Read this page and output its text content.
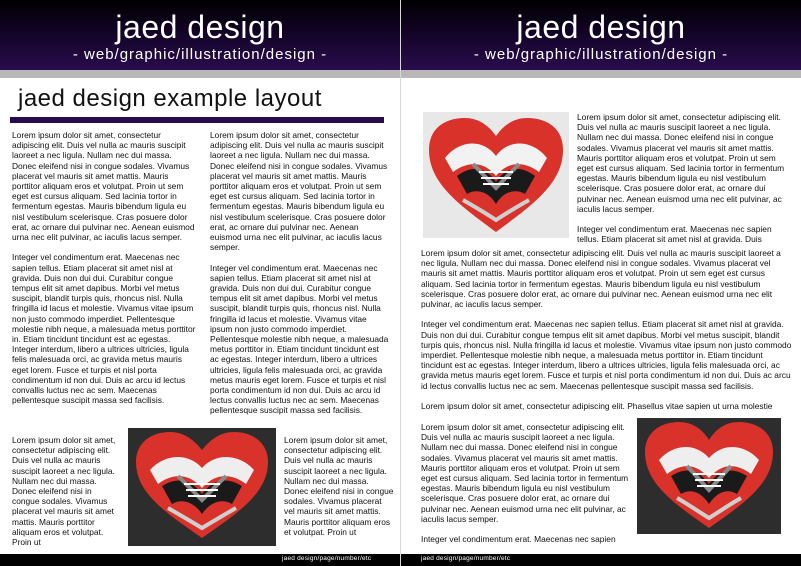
jaed design
- web/graphic/illustration/design -
jaed design example layout

Lorem ipsum dolor sit amet, consectetur adipiscing elit. Duis vel nulla ac mauris suscipit laoreet a nec ligula. Nullam nec dui massa. Donec eleifend nisi in congue sodales. Vivamus placerat vel mauris sit amet mattis. Mauris porttitor aliquam eros et volutpat. Proin ut sem eget est cursus aliquam. Sed lacinia tortor in fermentum egestas. Mauris bibendum ligula eu nisl vestibulum scelerisque. Cras posuere dolor erat, ac ornare dui pulvinar nec. Aenean euismod urna nec elit pulvinar, ac iaculis lacus semper.

Integer vel condimentum erat. Maecenas nec sapien tellus. Etiam placerat sit amet nisl at gravida. Duis non dui dui. Curabitur congue tempus elit sit amet dapibus. Morbi vel metus suscipit, blandit turpis quis, rhoncus nisl. Nulla fringilla id lacus et molestie. Vivamus vitae ipsum non justo commodo imperdiet. Pellentesque molestie nibh neque, a malesuada metus porttitor in. Etiam tincidunt tincidunt est ac egestas. Integer interdum, libero a ultrices ultricies, ligula felis malesuada orci, ac gravida metus mauris eget lorem. Fusce et turpis et nisl porta condimentum id non dui. Duis ac arcu id lectus convallis luctus nec ac sem. Maecenas pellentesque suscipit massa sed facilisis.

Lorem ipsum dolor sit amet, consectetur adipiscing elit. Duis vel nulla ac mauris suscipit laoreet a nec ligula. Nullam nec dui massa. Donec eleifend nisi in congue sodales. Vivamus placerat vel mauris sit amet mattis. Mauris porttitor aliquam eros et volutpat. Proin ut sem eget est cursus aliquam. Sed lacinia tortor in fermentum egestas. Mauris bibendum ligula eu nisl vestibulum scelerisque. Cras posuere dolor erat, ac ornare dui pulvinar nec. Aenean euismod urna nec elit pulvinar, ac iaculis lacus semper.

Integer vel condimentum erat. Maecenas nec sapien tellus. Etiam placerat sit amet nisl at gravida. Duis non dui dui. Curabitur congue tempus elit sit amet dapibus. Morbi vel metus suscipit, blandit turpis quis, rhoncus nisl. Nulla fringilla id lacus et molestie. Vivamus vitae ipsum non justo commodo imperdiet. Pellentesque molestie nibh neque, a malesuada metus porttitor in. Etiam tincidunt tincidunt est ac egestas. Integer interdum, libero a ultrices ultricies, ligula felis malesuada orci, ac gravida metus mauris eget lorem. Fusce et turpis et nisl porta condimentum id non dui. Duis ac arcu id lectus convallis luctus nec ac sem. Maecenas pellentesque suscipit massa sed facilisis.

Lorem ipsum dolor sit amet, consectetur adipiscing elit. Duis vel nulla ac mauris suscipit laoreet a nec ligula. Nullam nec dui massa. Donec eleifend nisi in congue sodales. Vivamus placerat vel mauris sit amet mattis. Mauris porttitor aliquam eros et volutpat. Proin ut

Lorem ipsum dolor sit amet, consectetur adipiscing elit. Duis vel nulla ac mauris suscipit laoreet a nec ligula. Nullam nec dui massa. Donec eleifend nisi in congue sodales. Vivamus placerat vel mauris sit amet mattis. Mauris porttitor aliquam eros et volutpat. Proin ut

jaed design/page/number/etc
jaed design
- web/graphic/illustration/design -

Lorem ipsum dolor sit amet, consectetur adipiscing elit. Duis vel nulla ac mauris suscipit laoreet a nec ligula. Nullam nec dui massa. Donec eleifend nisi in congue sodales. Vivamus placerat vel mauris sit amet mattis. Mauris porttitor aliquam eros et volutpat. Proin ut sem eget est cursus aliquam. Sed lacinia tortor in fermentum egestas. Mauris bibendum ligula eu nisl vestibulum scelerisque. Cras posuere dolor erat, ac ornare dui pulvinar nec. Aenean euismod urna nec elit pulvinar, ac iaculis lacus semper.

Integer vel condimentum erat. Maecenas nec sapien tellus. Etiam placerat sit amet nisl at gravida. Duis

Lorem ipsum dolor sit amet, consectetur adipiscing elit. Duis vel nulla ac mauris suscipit laoreet a nec ligula. Nullam nec dui massa. Donec eleifend nisi in congue sodales. Vivamus placerat vel mauris sit amet mattis. Mauris porttitor aliquam eros et volutpat. Proin ut sem eget est cursus aliquam. Sed lacinia tortor in fermentum egestas. Mauris bibendum ligula eu nisl vestibulum scelerisque. Cras posuere dolor erat, ac ornare dui pulvinar nec. Aenean euismod urna nec elit pulvinar, ac iaculis lacus semper.

Integer vel condimentum erat. Maecenas nec sapien tellus. Etiam placerat sit amet nisl at gravida. Duis non dui dui. Curabitur congue tempus elit sit amet dapibus. Morbi vel metus suscipit, blandit turpis quis, rhoncus nisl. Nulla fringilla id lacus et molestie. Vivamus vitae ipsum non justo commodo imperdiet. Pellentesque molestie nibh neque, a malesuada metus porttitor in. Etiam tincidunt tincidunt est ac egestas. Integer interdum, libero a ultrices ultricies, ligula felis malesuada orci, ac gravida metus mauris eget lorem. Fusce et turpis et nisl porta condimentum id non dui. Duis ac arcu id lectus convallis luctus nec ac sem. Maecenas pellentesque suscipit massa sed facilisis.

Lorem ipsum dolor sit amet, consectetur adipiscing elit. Phasellus vitae sapien ut urna molestie

Lorem ipsum dolor sit amet, consectetur adipiscing elit. Duis vel nulla ac mauris suscipit laoreet a nec ligula. Nullam nec dui massa. Donec eleifend nisi in congue sodales. Vivamus placerat vel mauris sit amet mattis. Mauris porttitor aliquam eros et volutpat. Proin ut sem eget est cursus aliquam. Sed lacinia tortor in fermentum egestas. Mauris bibendum ligula eu nisl vestibulum scelerisque. Cras posuere dolor erat, ac ornare dui pulvinar nec. Aenean euismod urna nec elit pulvinar, ac iaculis lacus semper.

Integer vel condimentum erat. Maecenas nec sapien

jaed design/page/number/etc
